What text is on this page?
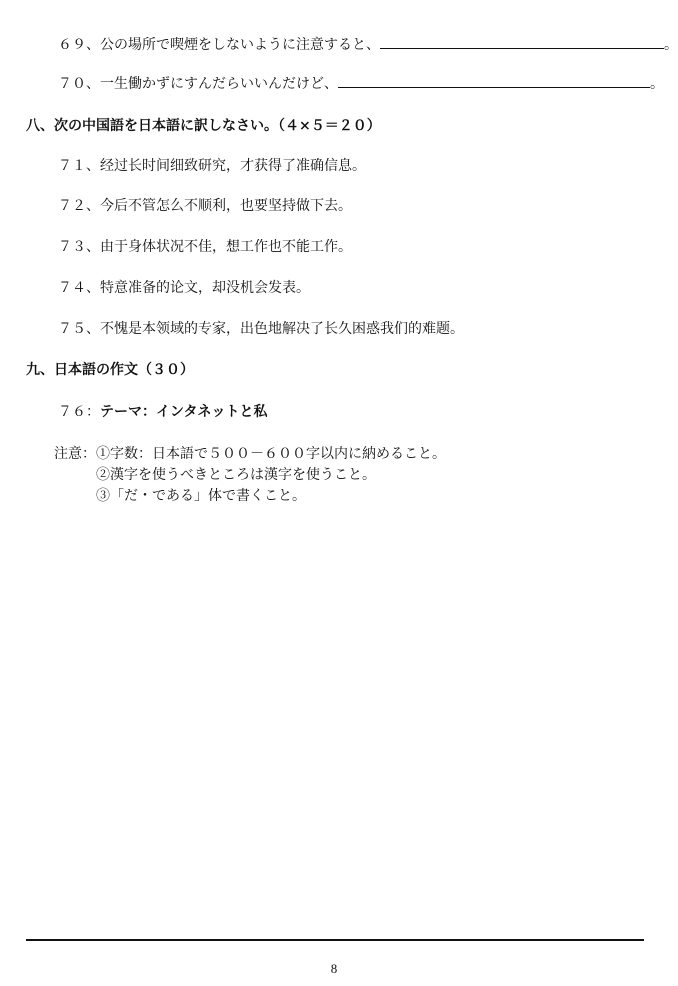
６９、公の場所で喫煙をしないように注意すると、	。
７０、一生働かずにすんだらいいんだけど、	。
八、次の中国語を日本語に訳しなさい。（４×５＝２０）
７１、经过长时间细致研究，才获得了准确信息。
７２、今后不管怎么不顺利，也要坚持做下去。
７３、由于身体状况不佳，想工作也不能工作。
７４、特意准备的论文，却没机会发表。
７５、不愧是本领域的专家，出色地解决了长久困惑我们的难题。
九、日本語の作文（３０）
７６：テーマ：インタネットと私
注意： ①字数：日本語で５００－６００字以内に納めること。
②漢字を使うべきところは漢字を使うこと。
③「だ・である」体で書くこと。
8
